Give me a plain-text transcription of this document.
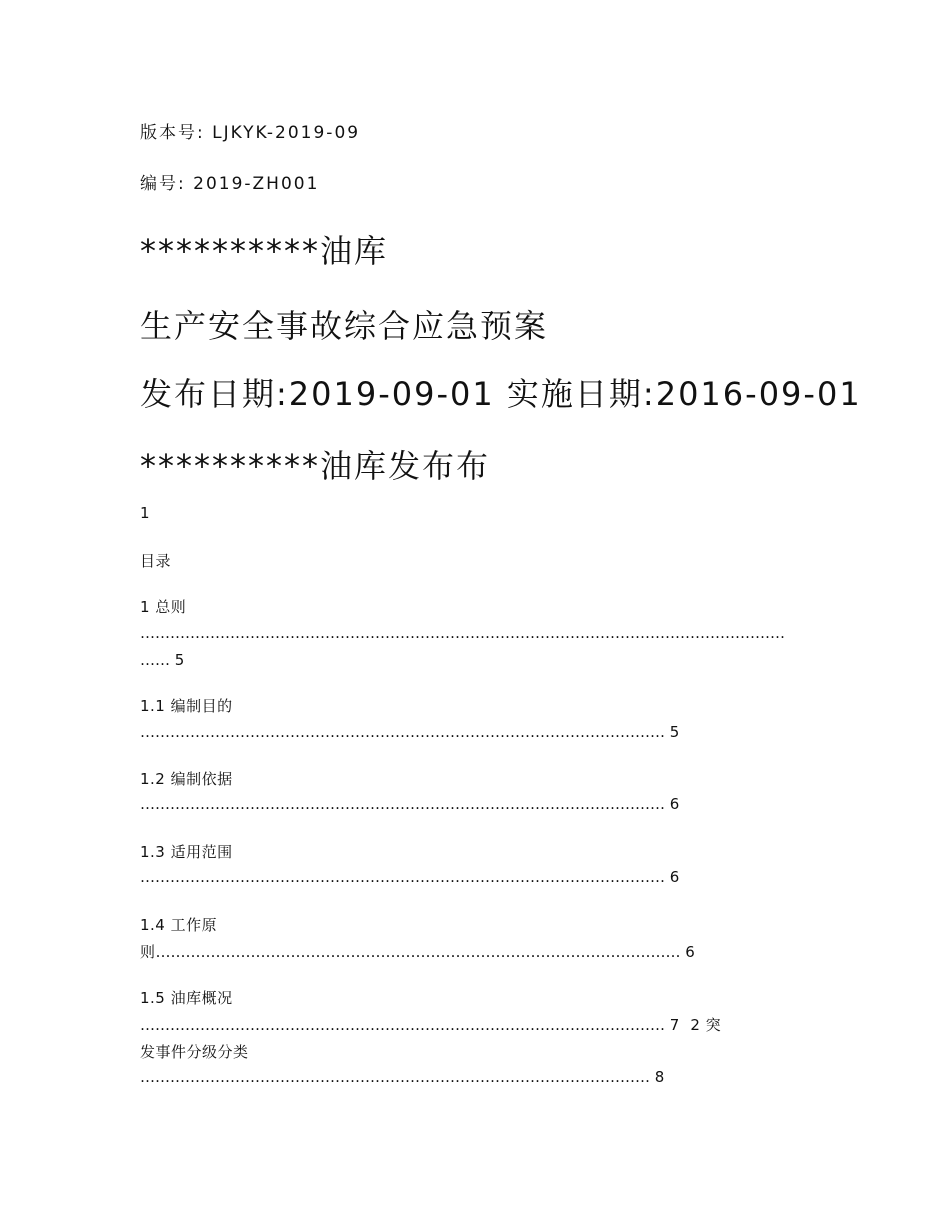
版本号: LJKYK-2019-09
编号: 2019-ZH001
**********油库
生产安全事故综合应急预案
发布日期:2019-09-01 实施日期:2016-09-01
**********油库发布布
1
目录
1 总则
…………………………………………………………………………………………………………………
…… 5
1.1 编制目的
…………………………………………………………………………………………… 5
1.2 编制依据
…………………………………………………………………………………………… 6
1.3 适用范围
…………………………………………………………………………………………… 6
1.4 工作原
则…………………………………………………………………………………………… 6
1.5 油库概况
…………………………………………………………………………………………… 7 2 突
发事件分级分类
………………………………………………………………………………………… 8
